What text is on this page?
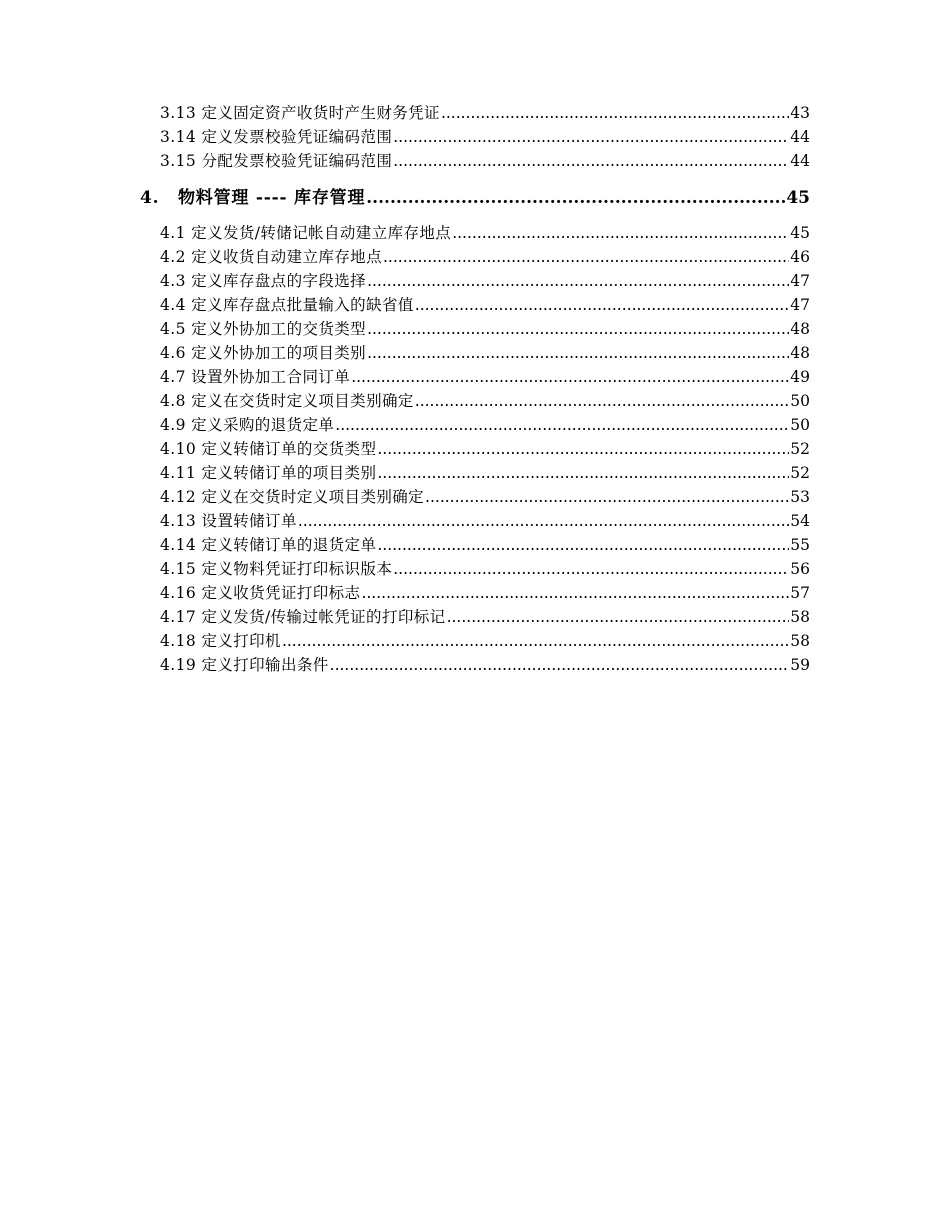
3.13 定义固定资产收货时产生财务凭证 .....	43
3.14 定义发票校验凭证编码范围 .....	44
3.15 分配发票校验凭证编码范围 .....	44
4.	物料管理 ---- 库存管理 .....	45
4.1 定义发货/转储记帐自动建立库存地点 .....	45
4.2 定义收货自动建立库存地点 .....	46
4.3 定义库存盘点的字段选择 .....	47
4.4 定义库存盘点批量输入的缺省值 .....	47
4.5 定义外协加工的交货类型 .....	48
4.6 定义外协加工的项目类别 .....	48
4.7 设置外协加工合同订单 .....	49
4.8 定义在交货时定义项目类别确定 .....	50
4.9 定义采购的退货定单 .....	50
4.10 定义转储订单的交货类型 .....	52
4.11 定义转储订单的项目类别 .....	52
4.12 定义在交货时定义项目类别确定 .....	53
4.13 设置转储订单 .....	54
4.14 定义转储订单的退货定单 .....	55
4.15 定义物料凭证打印标识版本 .....	56
4.16 定义收货凭证打印标志 .....	57
4.17 定义发货/传输过帐凭证的打印标记 .....	58
4.18 定义打印机 .....	58
4.19 定义打印输出条件 .....	59
